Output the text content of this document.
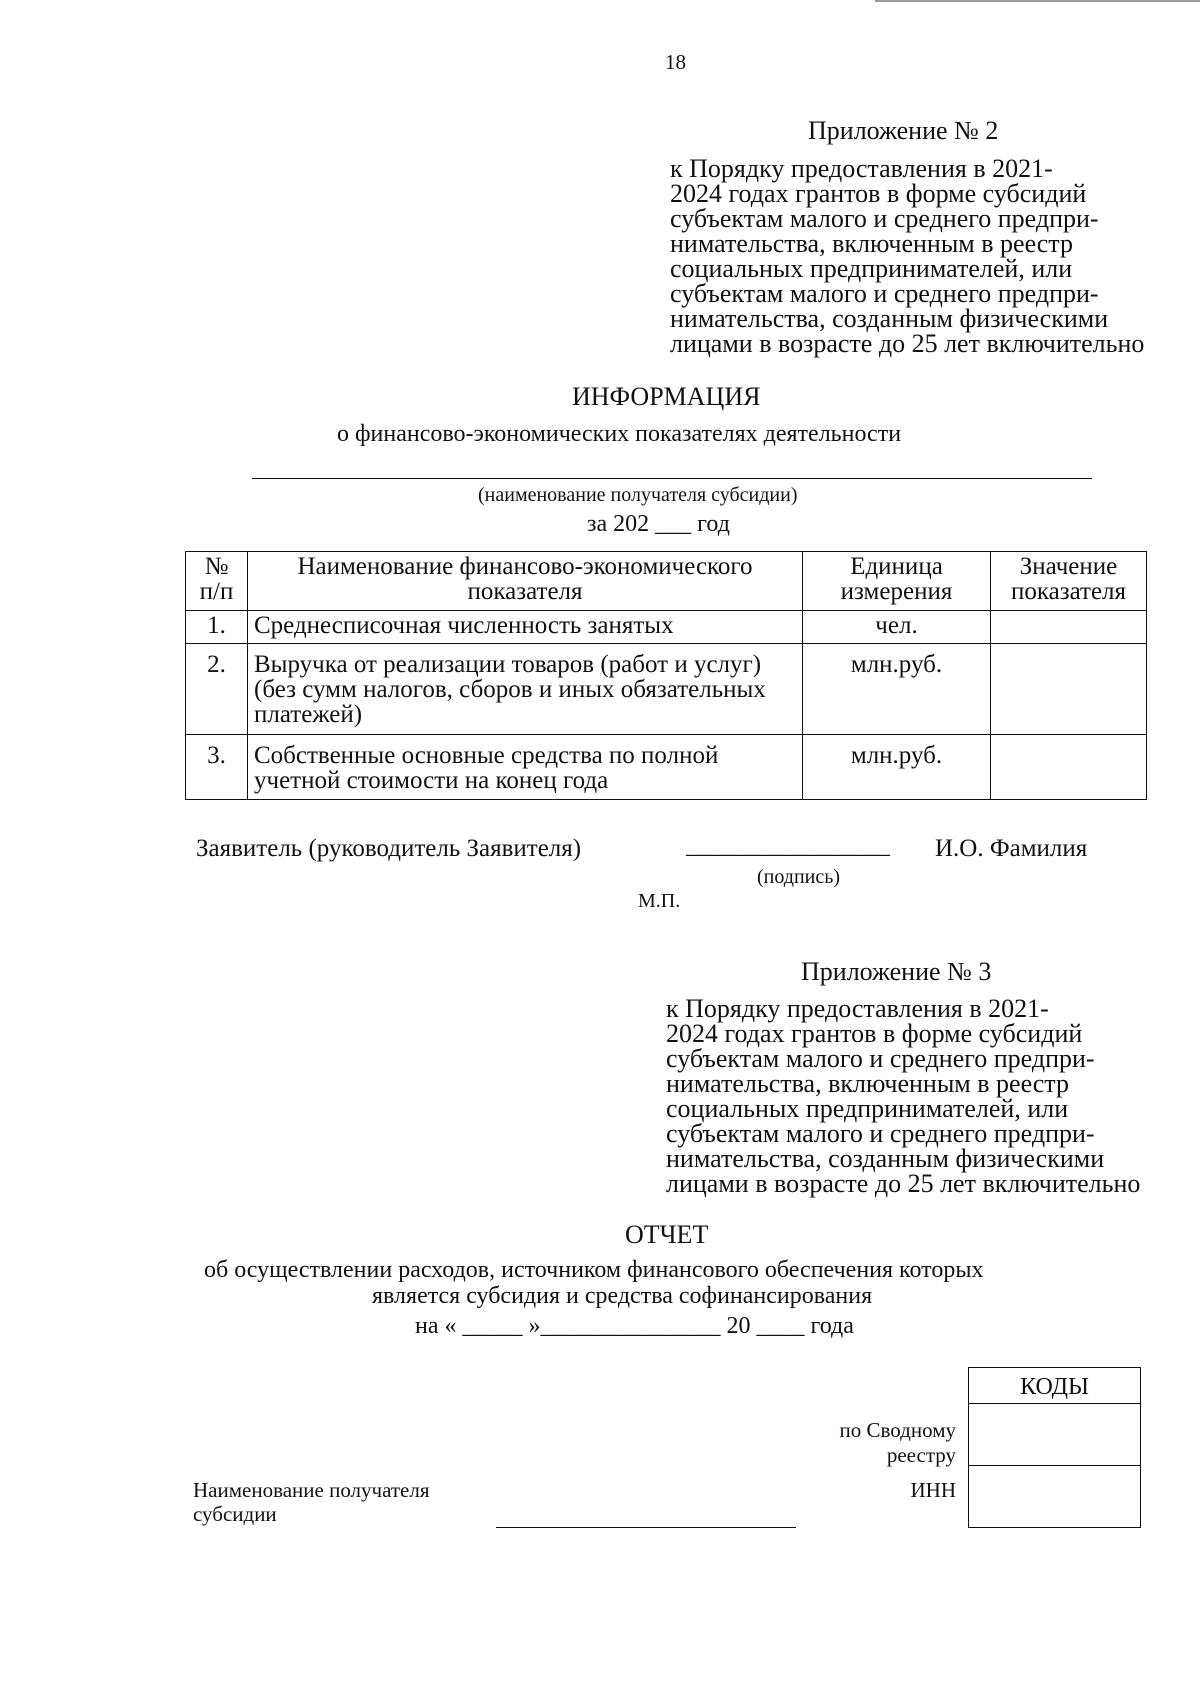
18
Приложение № 2
к Порядку предоставления в 2021-
2024 годах грантов в форме субсидий
субъектам малого и среднего предпри-
нимательства, включенным в реестр
социальных предпринимателей, или
субъектам малого и среднего предпри-
нимательства, созданным физическими
лицами в возрасте до 25 лет включительно
ИНФОРМАЦИЯ
о финансово-экономических показателях деятельности
(наименование получателя субсидии)
за 202 ___ год
№ п/п	Наименование финансово-экономического показателя	Единица измерения	Значение показателя
1.	Среднесписочная численность занятых	чел.	
2.	Выручка от реализации товаров (работ и услуг) (без сумм налогов, сборов и иных обязательных платежей)	млн.руб.	
3.	Собственные основные средства по полной учетной стоимости на конец года	млн.руб.	
Заявитель (руководитель Заявителя)	_________________ И.О. Фамилия
(подпись)
М.П.
Приложение № 3
к Порядку предоставления в 2021-
2024 годах грантов в форме субсидий
субъектам малого и среднего предпри-
нимательства, включенным в реестр
социальных предпринимателей, или
субъектам малого и среднего предпри-
нимательства, созданным физическими
лицами в возрасте до 25 лет включительно
ОТЧЕТ
об осуществлении расходов, источником финансового обеспечения которых
является субсидия и средства софинансирования
на « _____ »_______________ 20 ____ года
КОДЫ
по Сводному
реестру
ИНН
Наименование получателя
субсидии
